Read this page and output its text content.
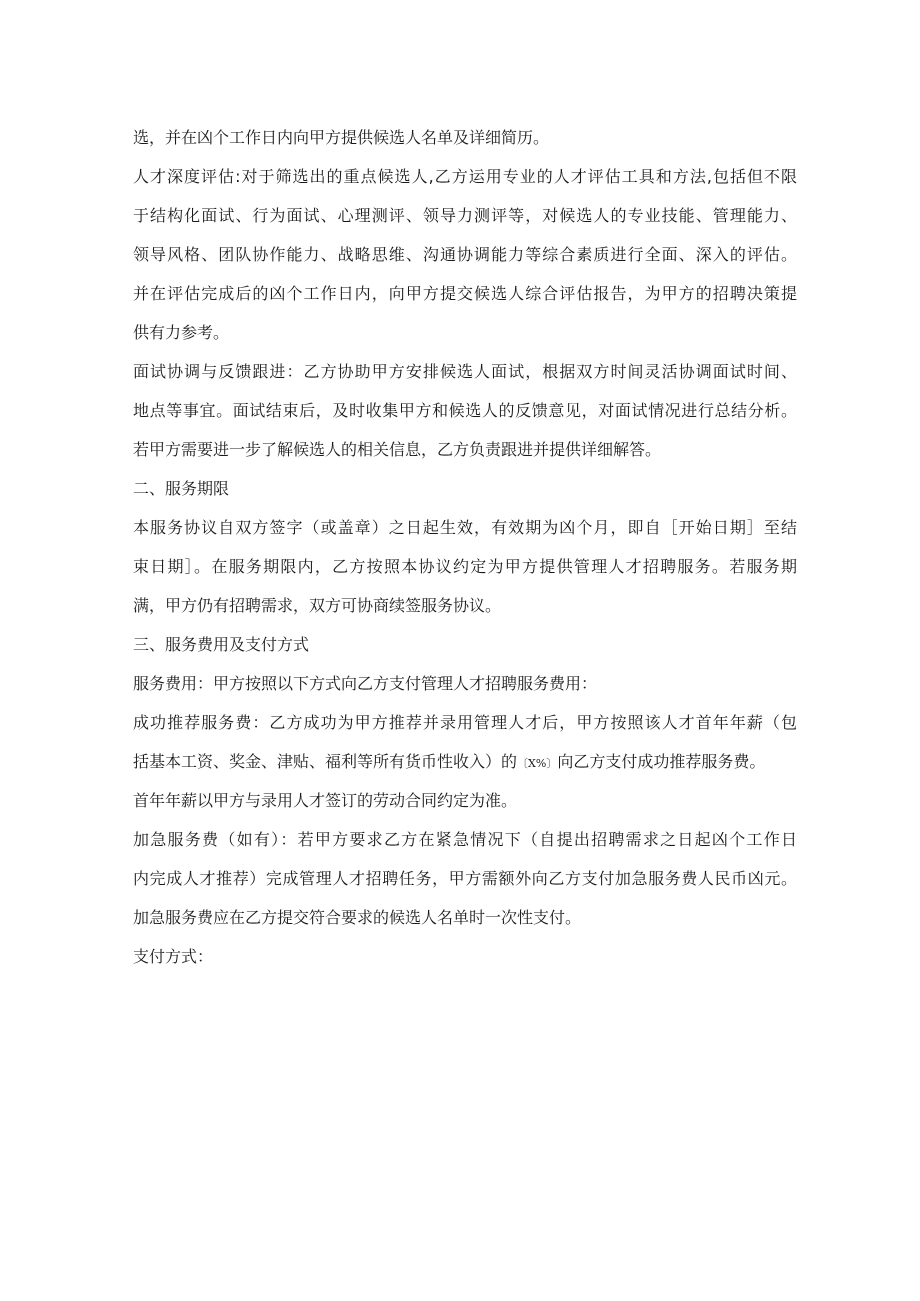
选，并在凶个工作日内向甲方提供候选人名单及详细简历。
人才深度评估:对于筛选出的重点候选人,乙方运用专业的人才评估工具和方法,包括但不限
于结构化面试、行为面试、心理测评、领导力测评等，对候选人的专业技能、管理能力、
领导风格、团队协作能力、战略思维、沟通协调能力等综合素质进行全面、深入的评估。
并在评估完成后的凶个工作日内，向甲方提交候选人综合评估报告，为甲方的招聘决策提
供有力参考。
面试协调与反馈跟进：乙方协助甲方安排候选人面试，根据双方时间灵活协调面试时间、
地点等事宜。面试结束后，及时收集甲方和候选人的反馈意见，对面试情况进行总结分析。
若甲方需要进一步了解候选人的相关信息，乙方负责跟进并提供详细解答。
二、服务期限
本服务协议自双方签字（或盖章）之日起生效，有效期为凶个月，即自［开始日期］至结
束日期］。在服务期限内，乙方按照本协议约定为甲方提供管理人才招聘服务。若服务期
满，甲方仍有招聘需求，双方可协商续签服务协议。
三、服务费用及支付方式
服务费用：甲方按照以下方式向乙方支付管理人才招聘服务费用：
成功推荐服务费：乙方成功为甲方推荐并录用管理人才后，甲方按照该人才首年年薪（包
括基本工资、奖金、津贴、福利等所有货币性收入）的〔X%〕向乙方支付成功推荐服务费。
首年年薪以甲方与录用人才签订的劳动合同约定为准。
加急服务费（如有）：若甲方要求乙方在紧急情况下（自提出招聘需求之日起凶个工作日
内完成人才推荐）完成管理人才招聘任务，甲方需额外向乙方支付加急服务费人民币凶元。
加急服务费应在乙方提交符合要求的候选人名单时一次性支付。
支付方式：
